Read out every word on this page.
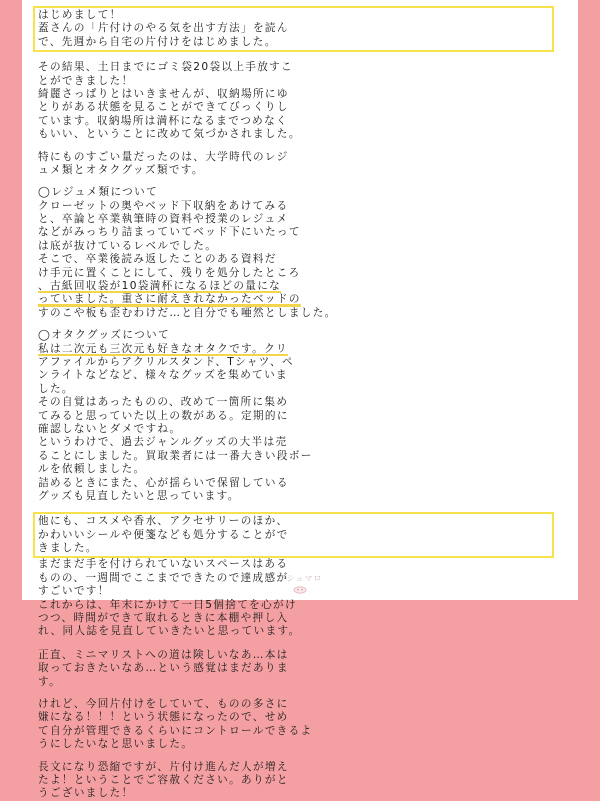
はじめまして！
蓋さんの「片付けのやる気を出す方法」を読ん
で、先週から自宅の片付けをはじめました。
その結果、土日までにゴミ袋20袋以上手放すこ
とができました！
綺麗さっぱりとはいきませんが、収納場所にゆ
とりがある状態を見ることができてびっくりし
ています。収納場所は満杯になるまでつめなく
もいい、ということに改めて気づかされました。
特にものすごい量だったのは、大学時代のレジ
ュメ類とオタクグッズ類です。
◯レジュメ類について
クローゼットの奥やベッド下収納をあけてみる
と、卒論と卒業執筆時の資料や授業のレジュメ
などがみっちり詰まっていてベッド下にいたって
は底が抜けているレベルでした。
そこで、卒業後読み返したことのある資料だ
け手元に置くことにして、残りを処分したところ
、古紙回収袋が10袋満杯になるほどの量にな
っていました。重さに耐えきれなかったベッドの
すのこや板も歪むわけだ…と自分でも唖然としました。
◯オタクグッズについて
私は二次元も三次元も好きなオタクです。クリ
アファイルからアクリルスタンド、Tシャツ、ペ
ンライトなどなど、様々なグッズを集めていま
した。
その自覚はあったものの、改めて一箇所に集め
てみると思っていた以上の数がある。定期的に
確認しないとダメですね。
というわけで、過去ジャンルグッズの大半は売
ることにしました。買取業者には一番大きい段ボー
ルを依頼しました。
詰めるときにまた、心が揺らいで保留している
グッズも見直したいと思っています。
他にも、コスメや香水、アクセサリーのほか、
かわいいシールや便箋なども処分することがで
きました。
まだまだ手を付けられていないスペースはある
ものの、一週間でここまでできたので達成感が
すごいです！
これからは、年末にかけて一日5個捨てを心がけ
つつ、時間ができて取れるときに本棚や押し入
れ、同人誌を見直していきたいと思っています。
正直、ミニマリストへの道は険しいなあ…本は
取っておきたいなあ…という感覚はまだありま
す。
けれど、今回片付けをしていて、ものの多さに
嫌になる！！！という状態になったので、せめ
て自分が管理できるくらいにコントロールできるよ
うにしたいなと思いました。
長文になり恐縮ですが、片付け進んだ人が増え
たよ！ということでご容赦ください。ありがと
うございました！
マシュマロ
